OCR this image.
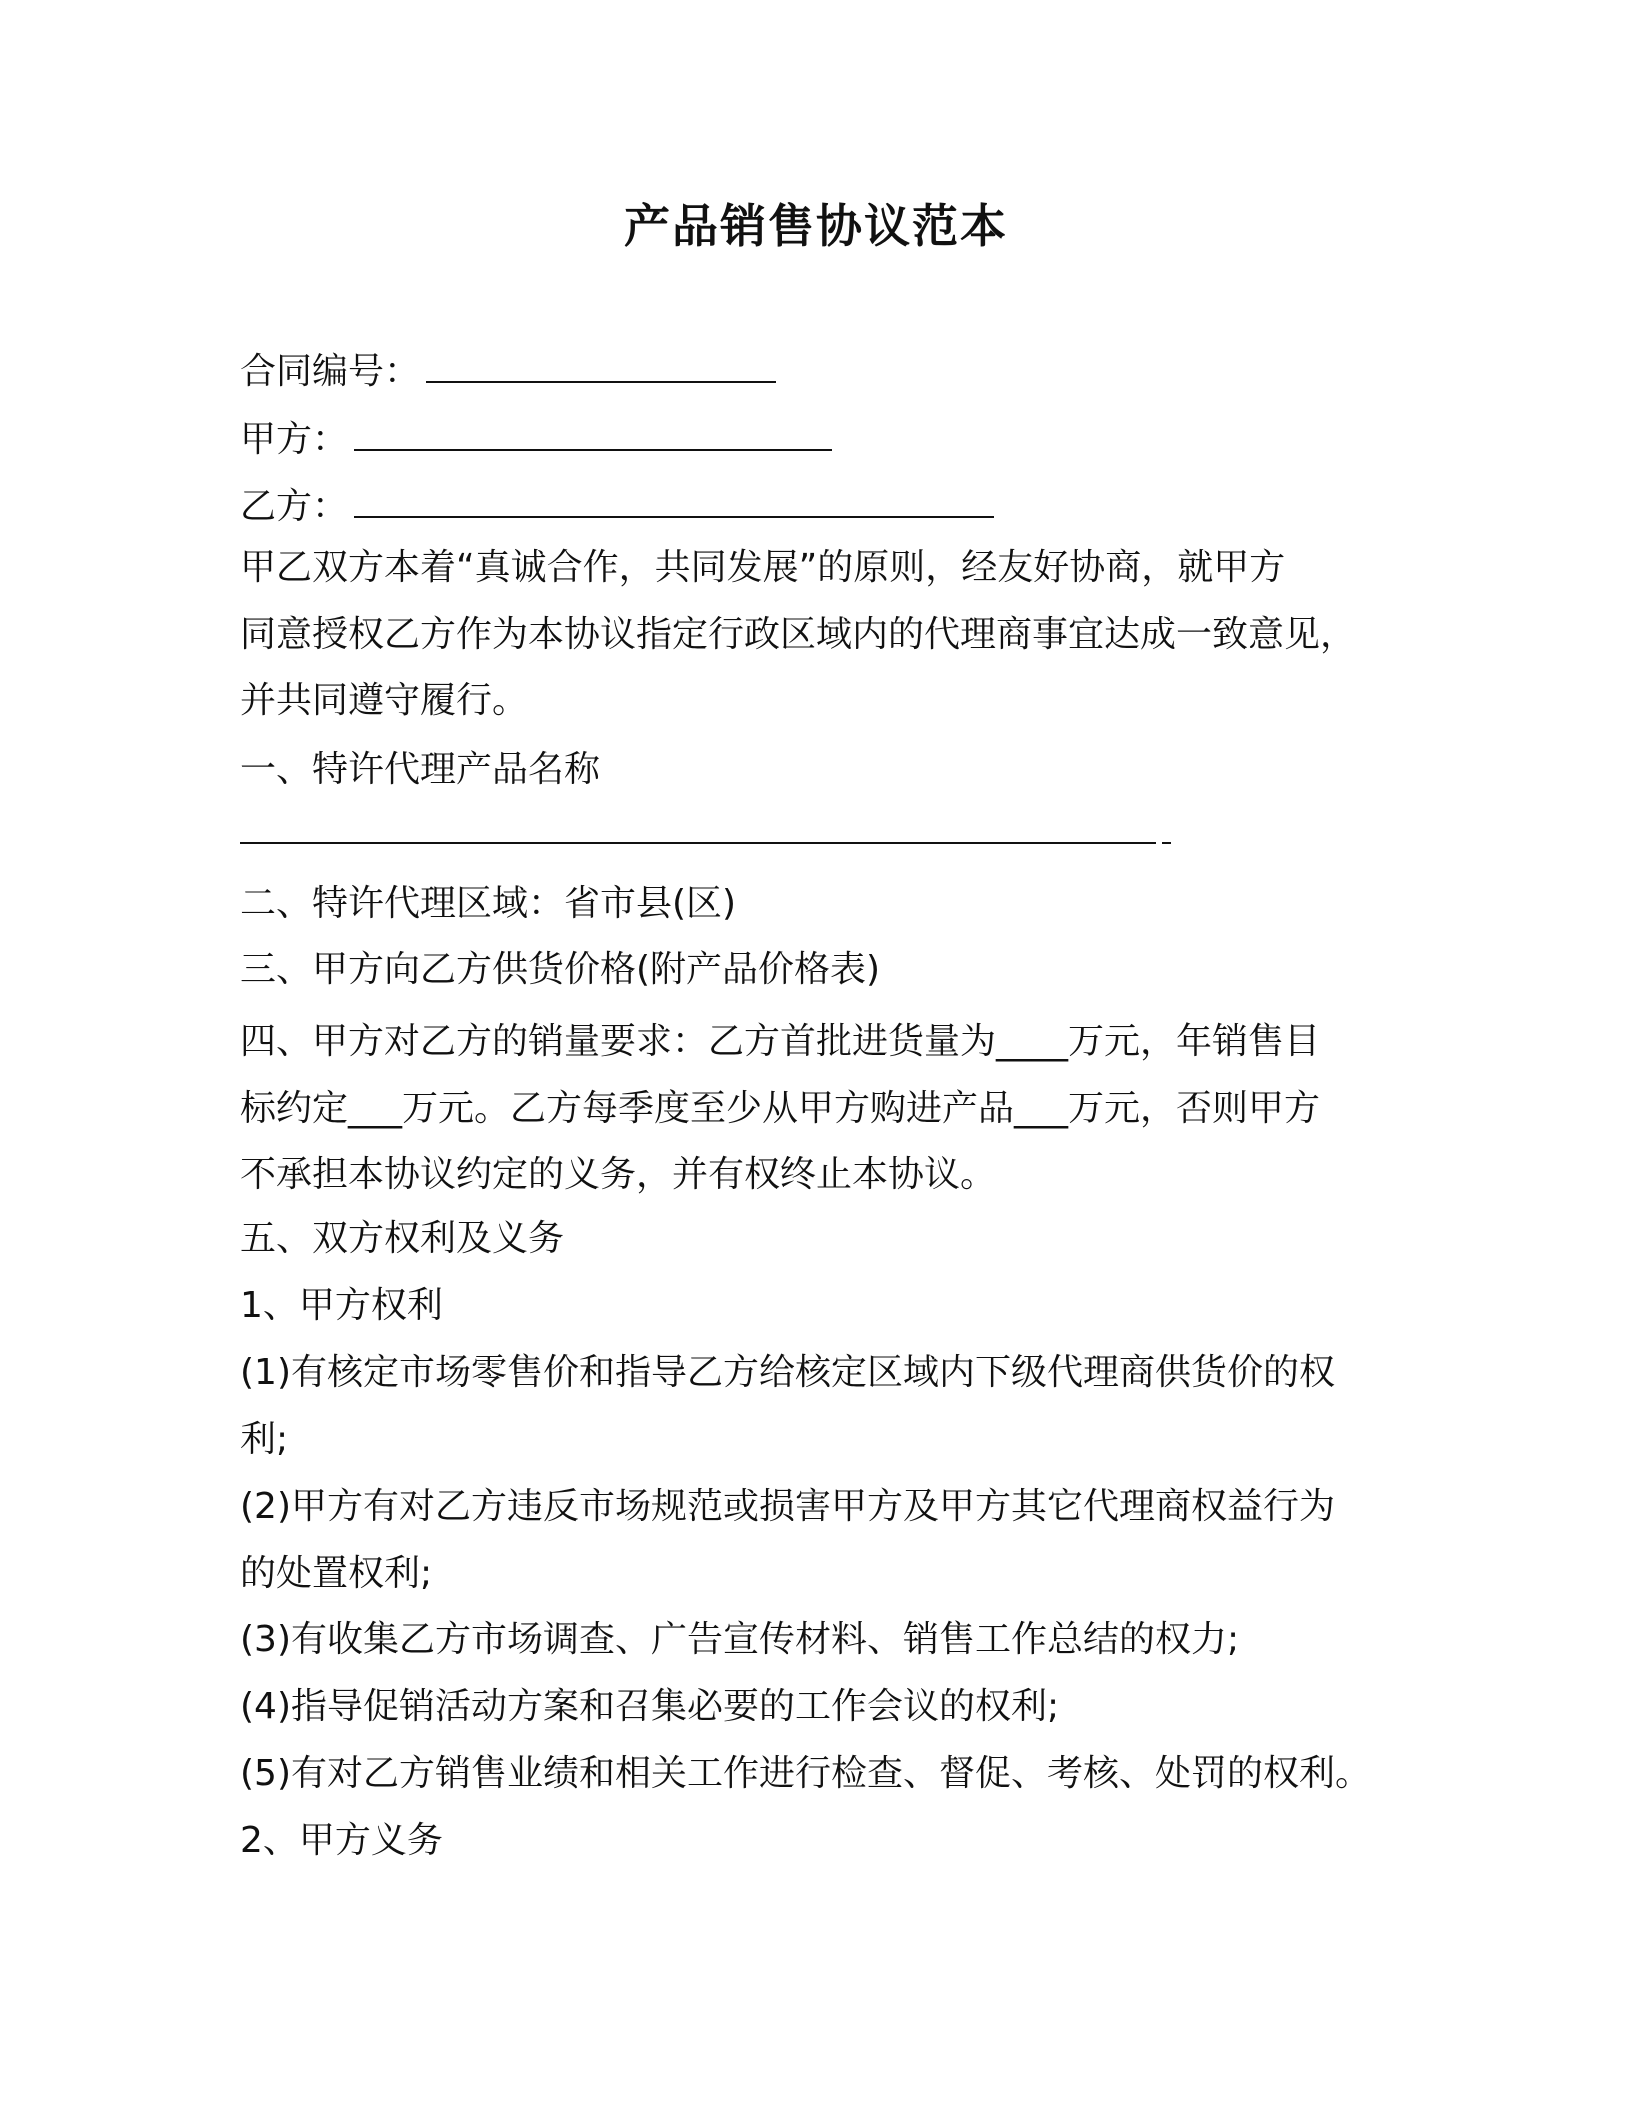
产品销售协议范本
合同编号：
甲方：
乙方：
甲乙双方本着“真诚合作，共同发展”的原则，经友好协商，就甲方
同意授权乙方作为本协议指定行政区域内的代理商事宜达成一致意见，
并共同遵守履行。
一、特许代理产品名称
二、特许代理区域：省市县(区)
三、甲方向乙方供货价格(附产品价格表)
四、甲方对乙方的销量要求：乙方首批进货量为____万元，年销售目
标约定___万元。乙方每季度至少从甲方购进产品___万元，否则甲方
不承担本协议约定的义务，并有权终止本协议。
五、双方权利及义务
1、甲方权利
(1)有核定市场零售价和指导乙方给核定区域内下级代理商供货价的权
利;
(2)甲方有对乙方违反市场规范或损害甲方及甲方其它代理商权益行为
的处置权利;
(3)有收集乙方市场调查、广告宣传材料、销售工作总结的权力;
(4)指导促销活动方案和召集必要的工作会议的权利;
(5)有对乙方销售业绩和相关工作进行检查、督促、考核、处罚的权利。
2、甲方义务
